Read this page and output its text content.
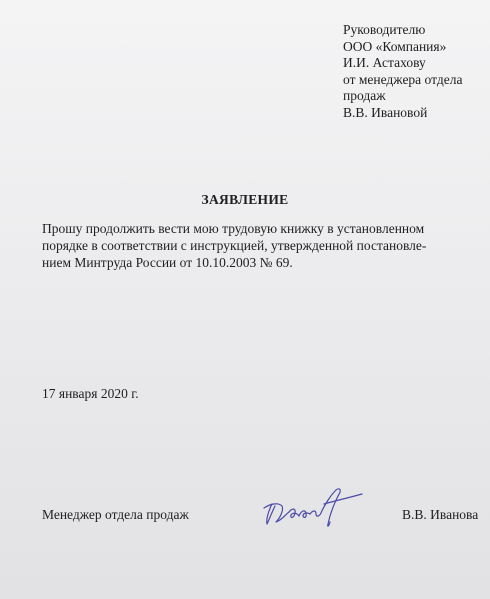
Руководителю
ООО «Компания»
И.И. Астахову
от менеджера отдела
продаж
В.В. Ивановой
ЗАЯВЛЕНИЕ
Прошу продолжить вести мою трудовую книжку в установленном
порядке в соответствии с инструкцией, утвержденной постановле-
нием Минтруда России от 10.10.2003 № 69.
17 января 2020 г.
Менеджер отдела продаж	В.В. Иванова
